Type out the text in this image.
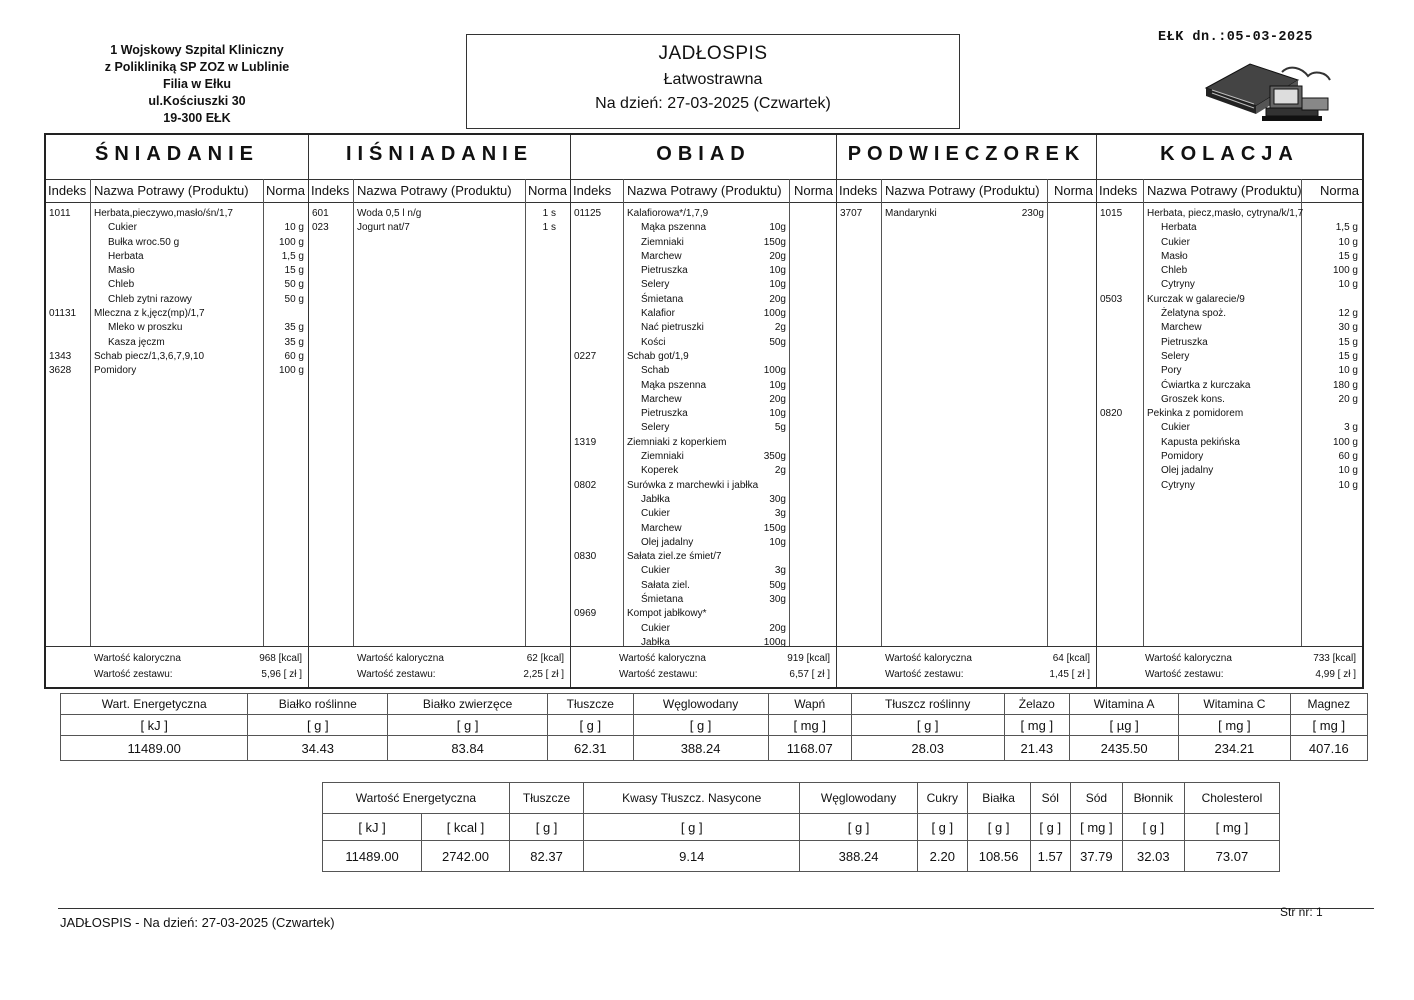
1 Wojskowy Szpital Kliniczny
z Polikliniką SP ZOZ w Lublinie
Filia w Ełku
ul.Kościuszki 30
19-300 EŁK
JADŁOSPIS
Łatwostrawna
Na dzień: 27-03-2025 (Czwartek)
EŁK dn.:05-03-2025
ŚNIADANIE
Indeks Nazwa Potrawy (Produktu) Norma
1011 Herbata,pieczywo,masło/śn/1,7
Cukier	10 g
Bułka wroc.50 g	100 g
Herbata	1,5 g
Masło	15 g
Chleb	50 g
Chleb zytni razowy	50 g
01131 Mleczna z k,jęcz(mp)/1,7
Mleko w proszku	35 g
Kasza jęczm	35 g
1343 Schab piecz/1,3,6,7,9,10	60 g
3628 Pomidory	100 g
Wartość kaloryczna	968 [kcal]
Wartość zestawu:	5,96 [ zł ]
IIŚNIADANIE
Indeks Nazwa Potrawy (Produktu) Norma
601	Woda 0,5 l n/g	1 s
023	Jogurt nat/7	1 s
Wartość kaloryczna	62 [kcal]
Wartość zestawu:	2,25 [ zł ]
OBIAD
Indeks Nazwa Potrawy (Produktu) Norma
01125	Kalafiorowa*/1,7,9
Mąka pszenna	10g
Ziemniaki	150g
Marchew	20g
Pietruszka	10g
Selery	10g
Śmietana	20g
Kalafior	100g
Nać pietruszki	2g
Kości	50g
0227	Schab got/1,9
Schab	100g
Mąka pszenna	10g
Marchew	20g
Pietruszka	10g
Selery	5g
1319	Ziemniaki z koperkiem
Ziemniaki	350g
Koperek	2g
0802	Surówka z marchewki i jabłka
Jabłka	30g
Cukier	3g
Marchew	150g
Olej jadalny	10g
0830	Sałata ziel.ze śmiet/7
Cukier	3g
Sałata ziel.	50g
Śmietana	30g
0969	Kompot jabłkowy*
Cukier	20g
Jabłka	100g
Wartość kaloryczna	919 [kcal]
Wartość zestawu:	6,57 [ zł ]
PODWIECZOREK
Indeks Nazwa Potrawy (Produktu) Norma
3707 Mandarynki	230g
Wartość kaloryczna	64 [kcal]
Wartość zestawu:	1,45 [ zł ]
KOLACJA
Indeks Nazwa Potrawy (Produktu) Norma
1015 Herbata, piecz,masło, cytryna/k/1,7
Herbata	1,5 g
Cukier	10 g
Masło	15 g
Chleb	100 g
Cytryny	10 g
0503 Kurczak w galarecie/9
Żelatyna spoż.	12 g
Marchew	30 g
Pietruszka	15 g
Selery	15 g
Pory	10 g
Ćwiartka z kurczaka	180 g
Groszek kons.	20 g
0820 Pekinka z pomidorem
Cukier	3 g
Kapusta pekińska	100 g
Pomidory	60 g
Olej jadalny	10 g
Cytryny	10 g
Wartość kaloryczna	733 [kcal]
Wartość zestawu:	4,99 [ zł ]
Wart. Energetyczna	Białko roślinne	Białko zwierzęce	Tłuszcze	Węglowodany	Wapń	Tłuszcz roślinny	Żelazo	Witamina A	Witamina C	Magnez
[ kJ ]	[ g ]	[ g ]	[ g ]	[ g ]	[ mg ]	[ g ]	[ mg ]	[ µg ]	[ mg ]	[ mg ]
11489.00	34.43	83.84	62.31	388.24	1168.07	28.03	21.43	2435.50	234.21	407.16
Wartość Energetyczna		Tłuszcze	Kwasy Tłuszcz. Nasycone	Węglowodany	Cukry	Białka	Sól	Sód	Błonnik	Cholesterol
[ kJ ]	[ kcal ]	[ g ]	[ g ]	[ g ]	[ g ]	[ g ]	[ g ]	[ mg ]	[ g ]	[ mg ]
11489.00	2742.00	82.37	9.14	388.24	2.20	108.56	1.57	37.79	32.03	73.07
JADŁOSPIS - Na dzień: 27-03-2025 (Czwartek)
Str nr: 1
